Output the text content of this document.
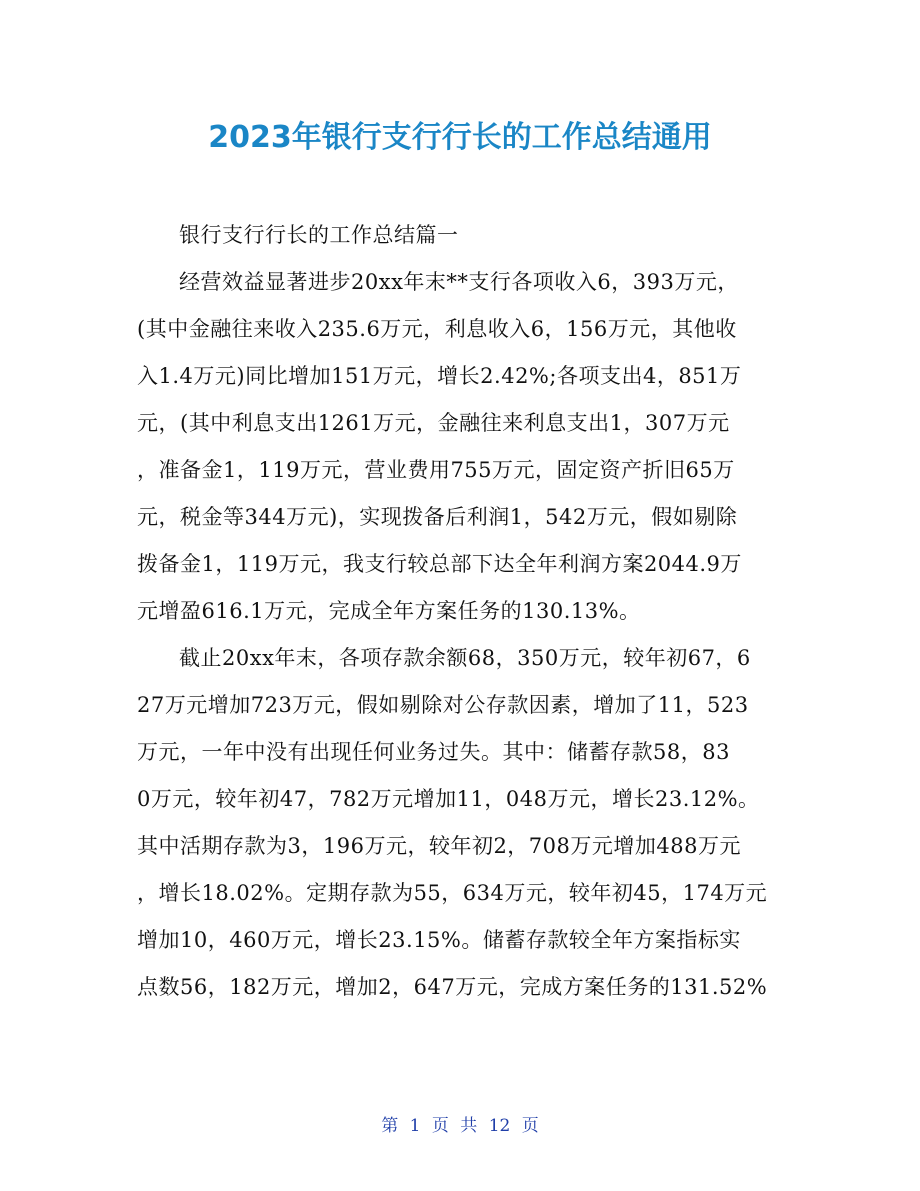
2023年银行支行行长的工作总结通用
银行支行行长的工作总结篇一
经营效益显著进步20xx年末**支行各项收入6，393万元，
(其中金融往来收入235.6万元，利息收入6，156万元，其他收
入1.4万元)同比增加151万元，增长2.42%;各项支出4，851万
元，(其中利息支出1261万元，金融往来利息支出1，307万元
，准备金1，119万元，营业费用755万元，固定资产折旧65万
元，税金等344万元)，实现拨备后利润1，542万元，假如剔除
拨备金1，119万元，我支行较总部下达全年利润方案2044.9万
元增盈616.1万元，完成全年方案任务的130.13%。
截止20xx年末，各项存款余额68，350万元，较年初67，6
27万元增加723万元，假如剔除对公存款因素，增加了11，523
万元，一年中没有出现任何业务过失。其中：储蓄存款58，83
0万元，较年初47，782万元增加11，048万元，增长23.12%。
其中活期存款为3，196万元，较年初2，708万元增加488万元
，增长18.02%。定期存款为55，634万元，较年初45，174万元
增加10，460万元，增长23.15%。储蓄存款较全年方案指标实
点数56，182万元，增加2，647万元，完成方案任务的131.52%
第 1 页 共 12 页
